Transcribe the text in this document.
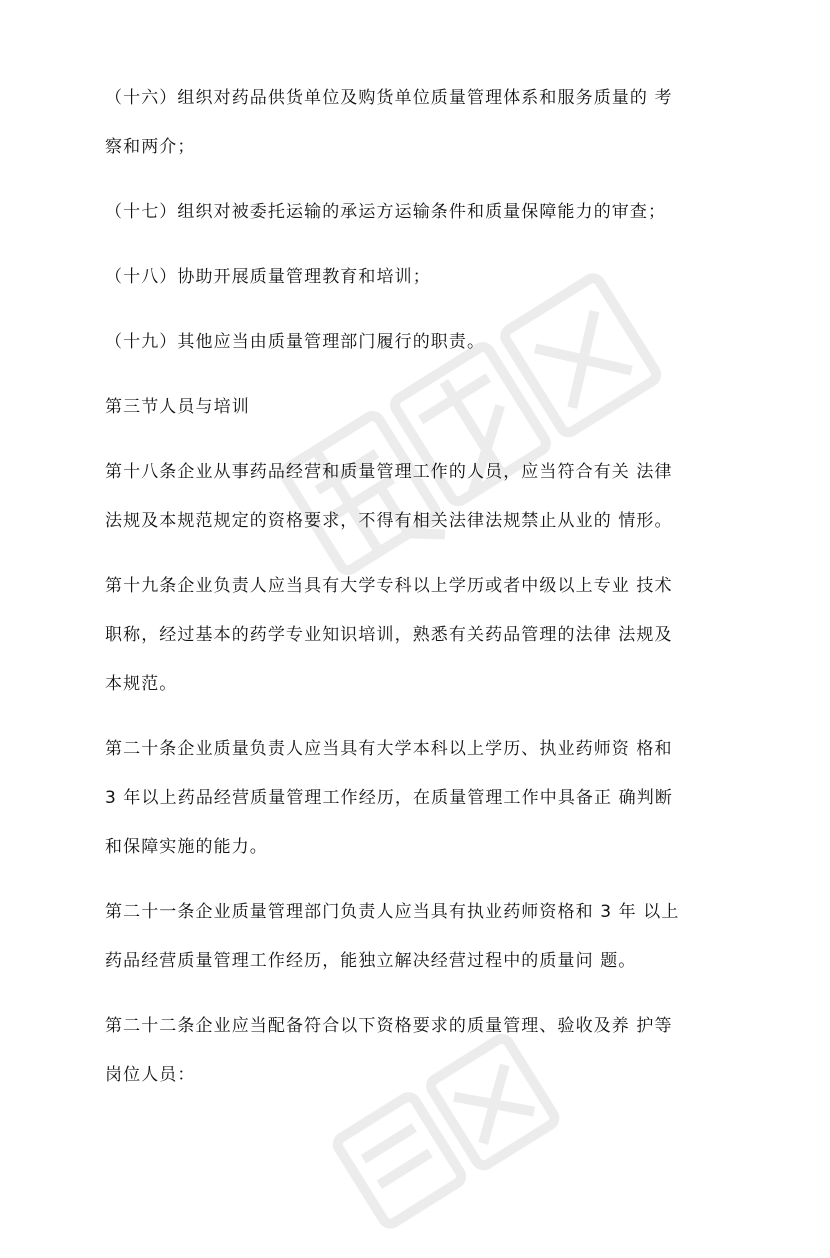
（十六）组织对药品供货单位及购货单位质量管理体系和服务质量的 考
察和两介；
（十七）组织对被委托运输的承运方运输条件和质量保障能力的审查；
（十八）协助开展质量管理教育和培训；
（十九）其他应当由质量管理部门履行的职责。
第三节人员与培训
第十八条企业从事药品经营和质量管理工作的人员，应当符合有关 法律
法规及本规范规定的资格要求，不得有相关法律法规禁止从业的 情形。
第十九条企业负责人应当具有大学专科以上学历或者中级以上专业 技术
职称，经过基本的药学专业知识培训，熟悉有关药品管理的法律 法规及
本规范。
第二十条企业质量负责人应当具有大学本科以上学历、执业药师资 格和
3 年以上药品经营质量管理工作经历，在质量管理工作中具备正 确判断
和保障实施的能力。
第二十一条企业质量管理部门负责人应当具有执业药师资格和 3 年 以上
药品经营质量管理工作经历，能独立解决经营过程中的质量问 题。
第二十二条企业应当配备符合以下资格要求的质量管理、验收及养 护等
岗位人员：
